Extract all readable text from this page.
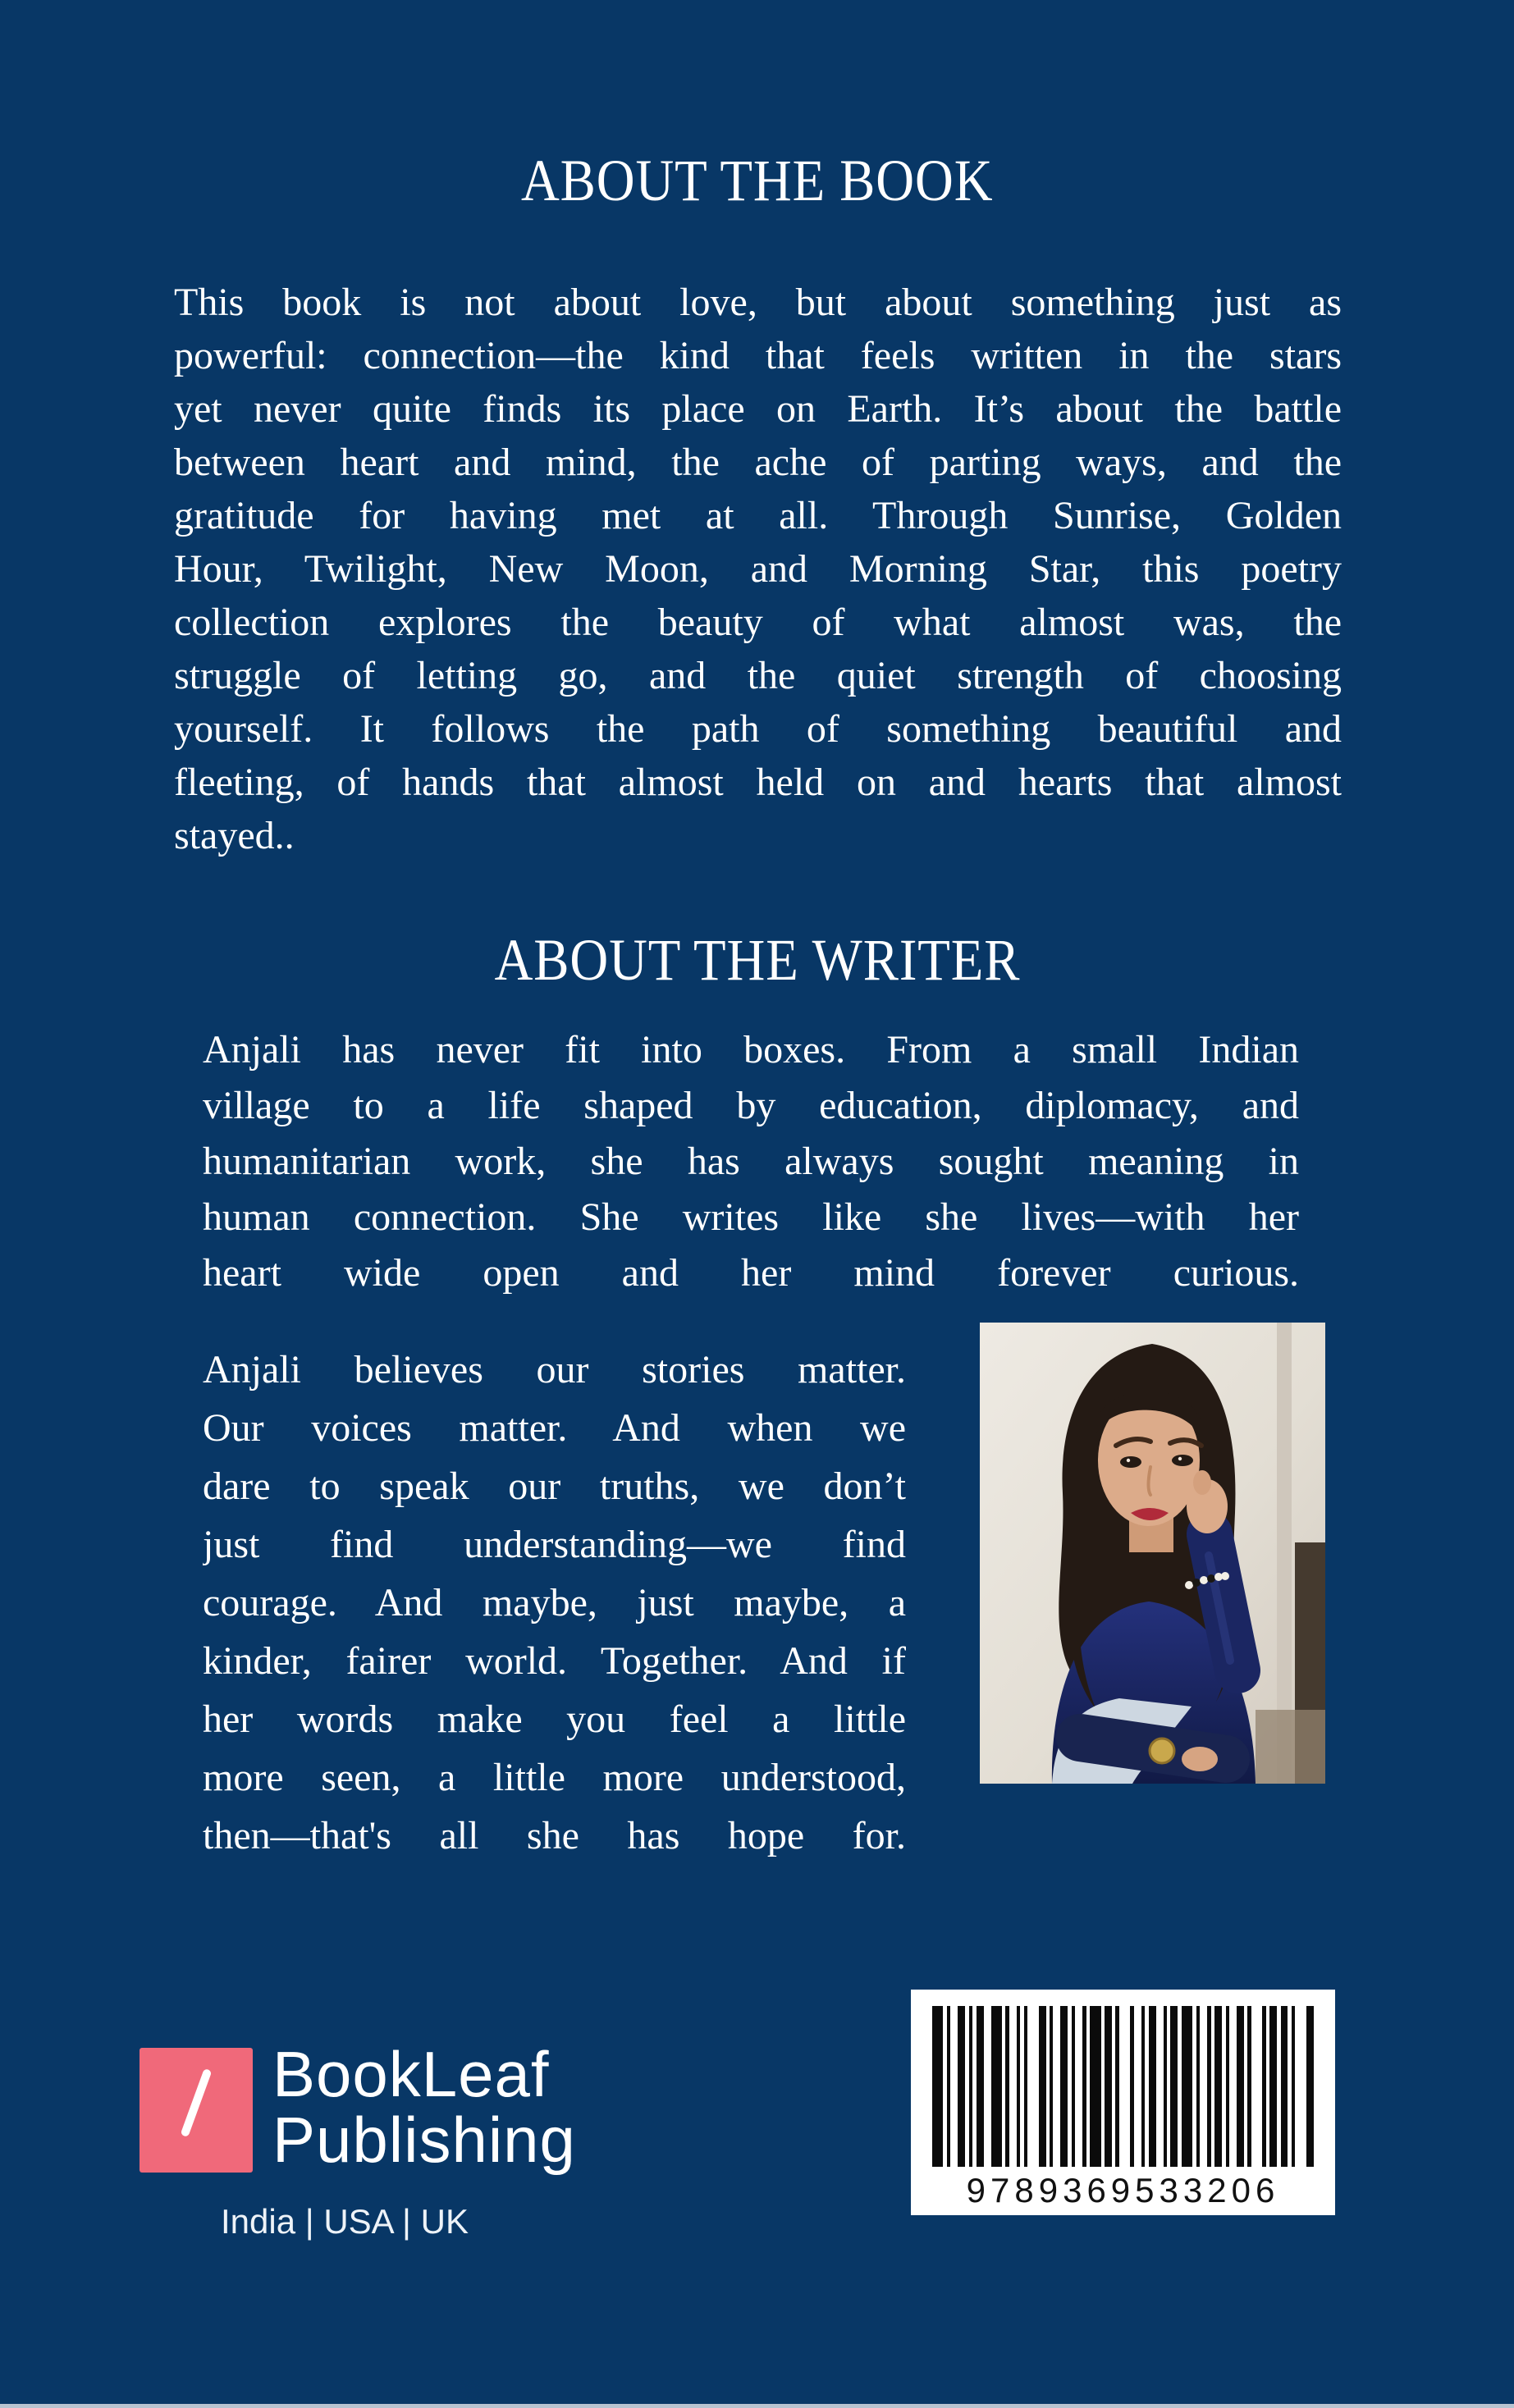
ABOUT THE BOOK
This book is not about love, but about something just as
powerful: connection—the kind that feels written in the stars
yet never quite finds its place on Earth. It’s about the battle
between heart and mind, the ache of parting ways, and the
gratitude for having met at all. Through Sunrise, Golden
Hour, Twilight, New Moon, and Morning Star, this poetry
collection explores the beauty of what almost was, the
struggle of letting go, and the quiet strength of choosing
yourself. It follows the path of something beautiful and
fleeting, of hands that almost held on and hearts that almost
stayed..
ABOUT THE WRITER
Anjali has never fit into boxes. From a small Indian
village to a life shaped by education, diplomacy, and
humanitarian work, she has always sought meaning in
human connection. She writes like she lives—with her
heart wide open and her mind forever curious.
Anjali believes our stories matter.
Our voices matter. And when we
dare to speak our truths, we don’t
just find understanding—we find
courage. And maybe, just maybe, a
kinder, fairer world. Together. And if
her words make you feel a little
more seen, a little more understood,
then—that's all she has hope for.
BookLeaf
Publishing
India | USA | UK
9789369533206
